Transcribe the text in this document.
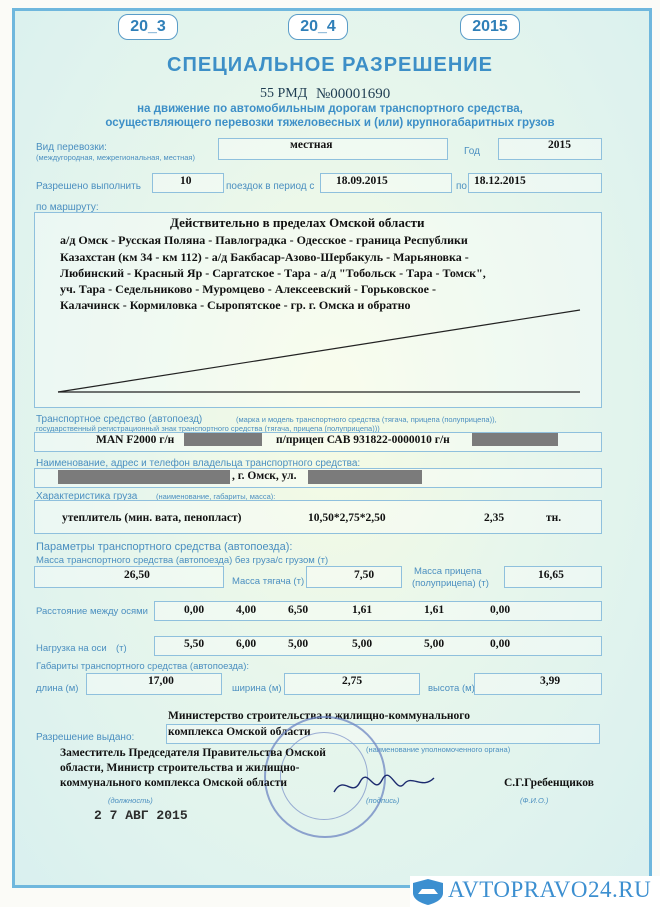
20_3	20_4	2015
СПЕЦИАЛЬНОЕ РАЗРЕШЕНИЕ
55 РМД №00001690
на движение по автомобильным дорогам транспортного средства,
осуществляющего перевозки тяжеловесных и (или) крупногабаритных грузов
Вид перевозки:
(междугородная, межрегиональная, местная)
местная
Год
2015
Разрешено выполнить	10	поездок в период с 18.09.2015	по 18.12.2015
по маршруту:
Действительно в пределах Омской области
а/д Омск - Русская Поляна - Павлоградка - Одесское - граница Республики
Казахстан (км 34 - км 112) - а/д Бакбасар-Азово-Шербакуль - Марьяновка -
Любинский - Красный Яр - Саргатское - Тара - а/д "Тобольск - Тара - Томск",
уч. Тара - Седельниково - Муромцево - Алексеевский - Горьковское -
Калачинск - Кормиловка - Сыропятское - гр. г. Омска и обратно
Транспортное средство (автопоезд)	(марка и модель транспортного средства (тягача, прицепа (полуприцепа)),
государственный регистрационный знак транспортного средства (тягача, прицепа (полуприцепа)))
MAN F2000 г/н	п/прицеп САВ 931822-0000010 г/н
Наименование, адрес и телефон владельца транспортного средства:
, г. Омск, ул.
Характеристика груза (наименование, габариты, масса):
утеплитель (мин. вата, пенопласт)	10,50*2,75*2,50	2,35	тн.
Параметры транспортного средства (автопоезда):
Масса транспортного средства (автопоезда) без груза/с грузом (т)
26,50
Масса тягача (т)
7,50	Масса прицепа
(полуприцепа) (т)
16,65
Расстояние между осями	0,00	4,00	6,50	1,61	1,61	0,00
Нагрузка на оси (т)	5,50	6,00	5,00	5,00	5,00	0,00
Габариты транспортного средства (автопоезда):
длина (м)
17,00
ширина (м)
2,75
высота (м)
3,99
Министерство строительства и жилищно-коммунального
Разрешение выдано:	комплекса Омской области
(наименование уполномоченного органа)
Заместитель Председателя Правительства Омской
области, Министр строительства и жилищно-
коммунального комплекса Омской области
(должность)	(подпись)
С.Г.Гребенщиков
(Ф.И.О.)
2 7 АВГ 2015
AVTOPRAVO24.RU
